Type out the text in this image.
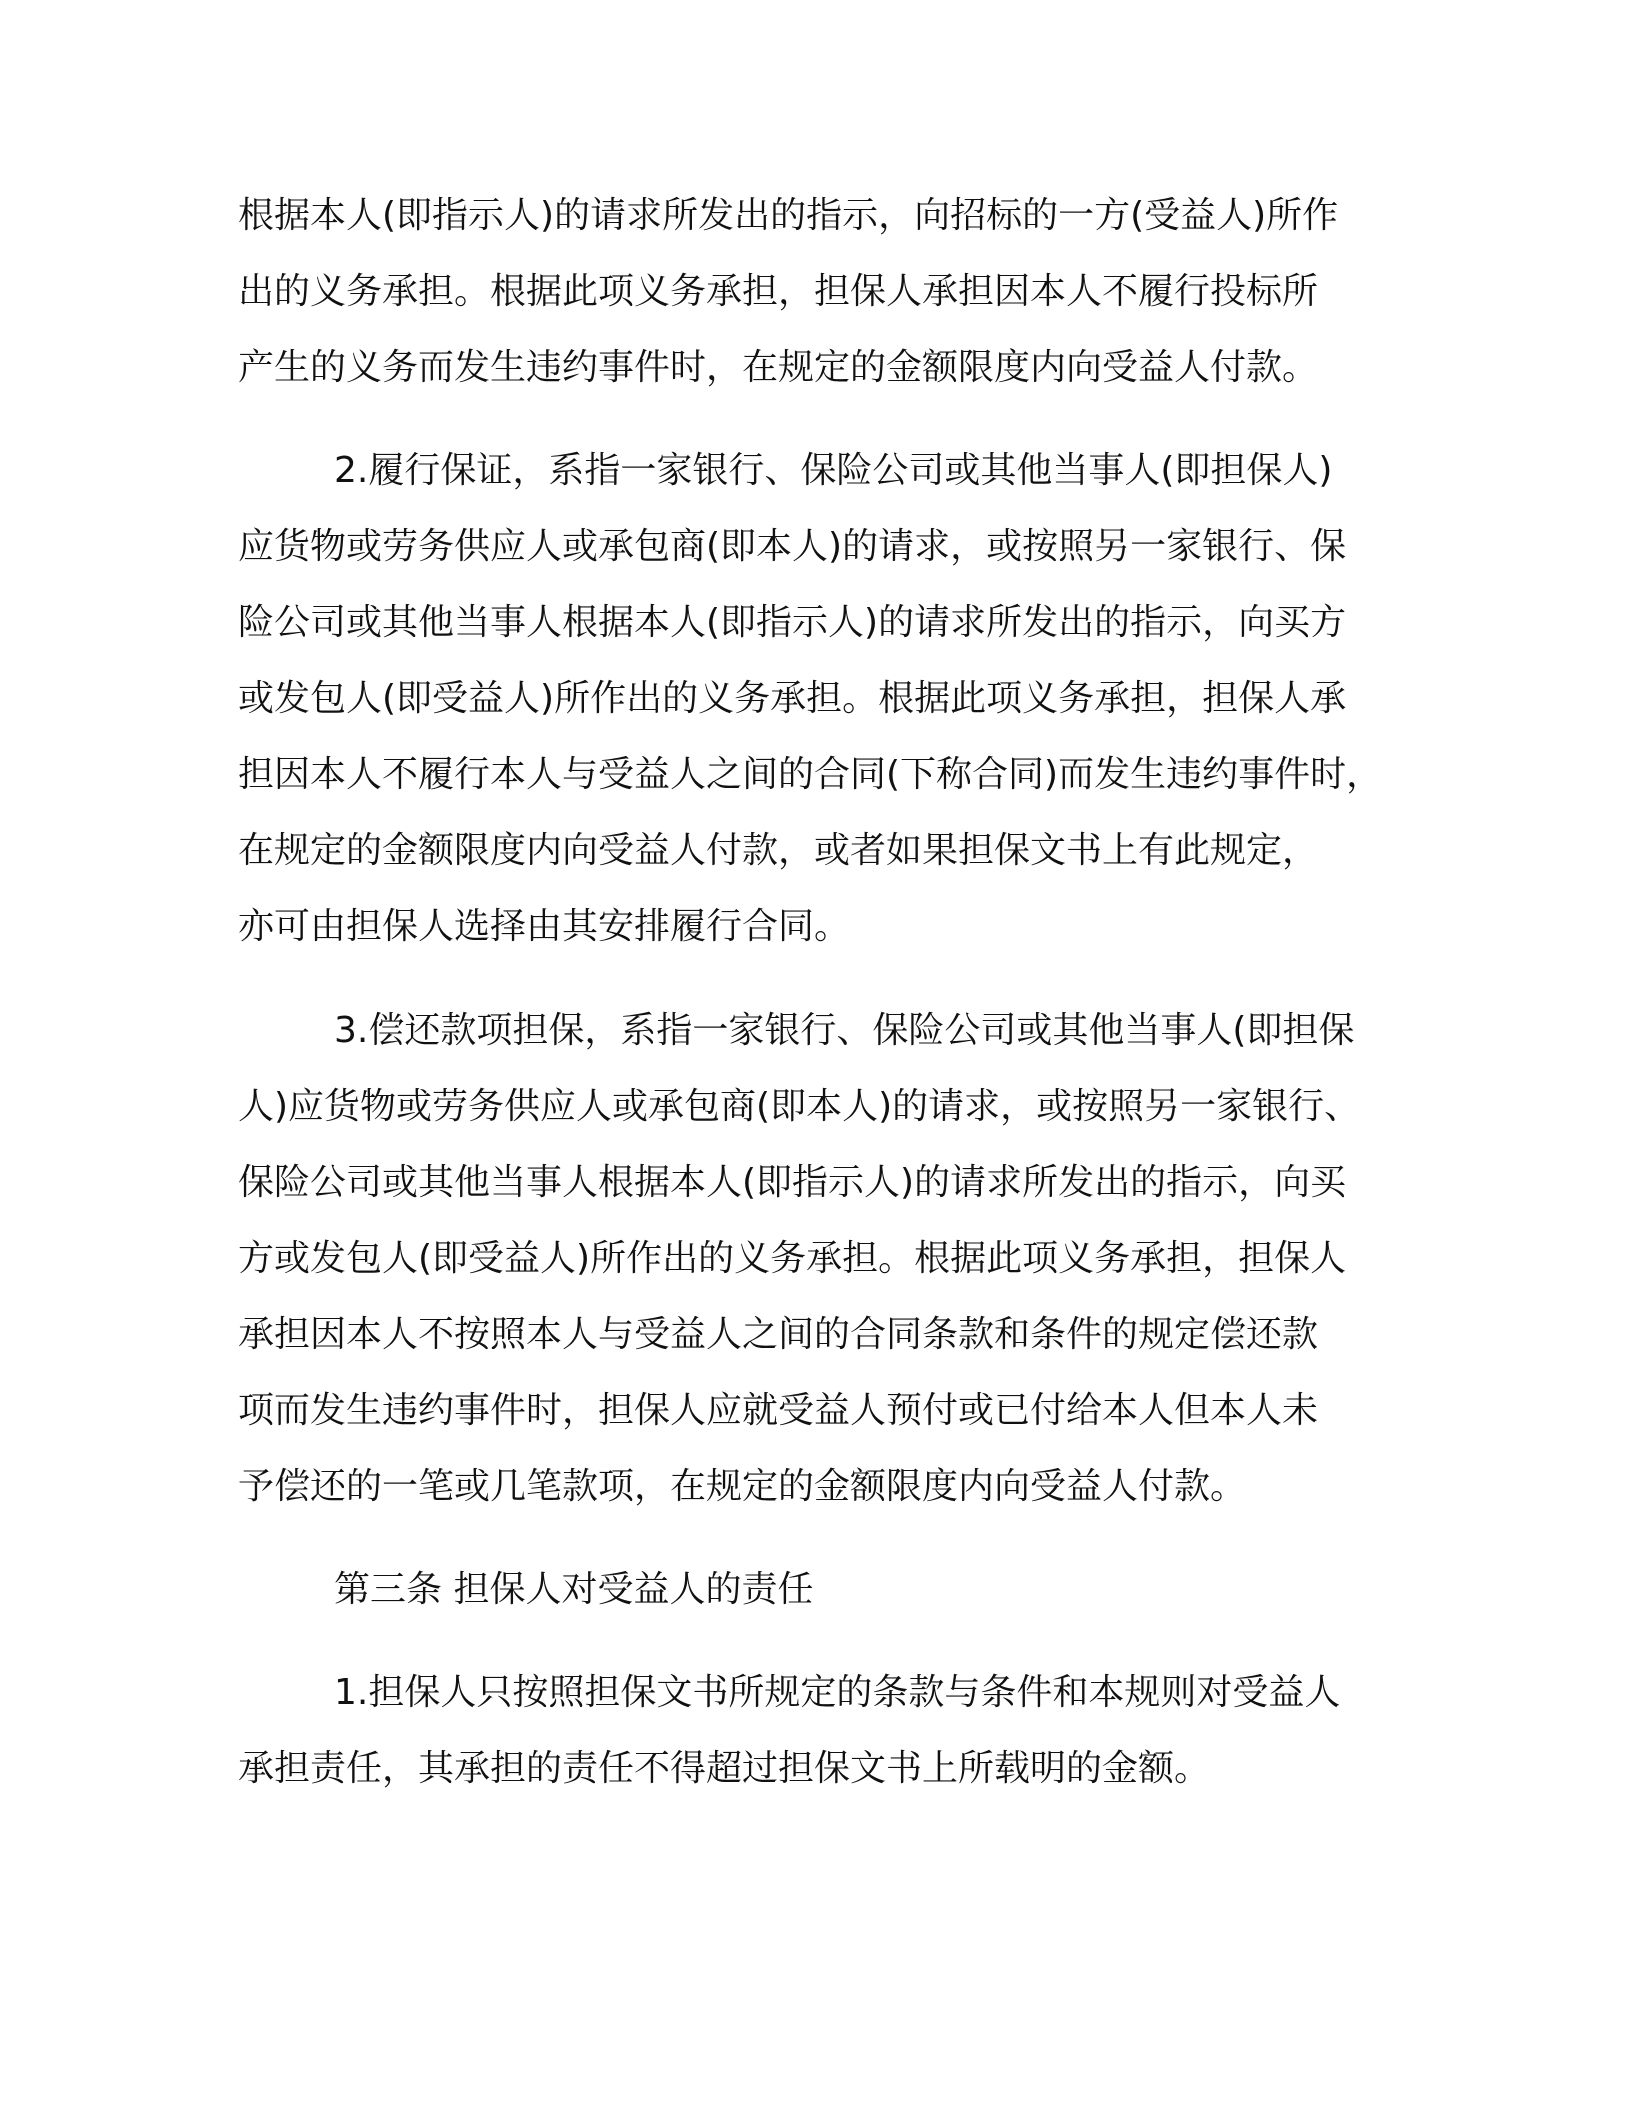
根据本人(即指示人)的请求所发出的指示，向招标的一方(受益人)所作
出的义务承担。根据此项义务承担，担保人承担因本人不履行投标所
产生的义务而发生违约事件时，在规定的金额限度内向受益人付款。
2.履行保证，系指一家银行、保险公司或其他当事人(即担保人)
应货物或劳务供应人或承包商(即本人)的请求，或按照另一家银行、保
险公司或其他当事人根据本人(即指示人)的请求所发出的指示，向买方
或发包人(即受益人)所作出的义务承担。根据此项义务承担，担保人承
担因本人不履行本人与受益人之间的合同(下称合同)而发生违约事件时，
在规定的金额限度内向受益人付款，或者如果担保文书上有此规定，
亦可由担保人选择由其安排履行合同。
3.偿还款项担保，系指一家银行、保险公司或其他当事人(即担保
人)应货物或劳务供应人或承包商(即本人)的请求，或按照另一家银行、
保险公司或其他当事人根据本人(即指示人)的请求所发出的指示，向买
方或发包人(即受益人)所作出的义务承担。根据此项义务承担，担保人
承担因本人不按照本人与受益人之间的合同条款和条件的规定偿还款
项而发生违约事件时，担保人应就受益人预付或已付给本人但本人未
予偿还的一笔或几笔款项，在规定的金额限度内向受益人付款。
第三条 担保人对受益人的责任
1.担保人只按照担保文书所规定的条款与条件和本规则对受益人
承担责任，其承担的责任不得超过担保文书上所载明的金额。
